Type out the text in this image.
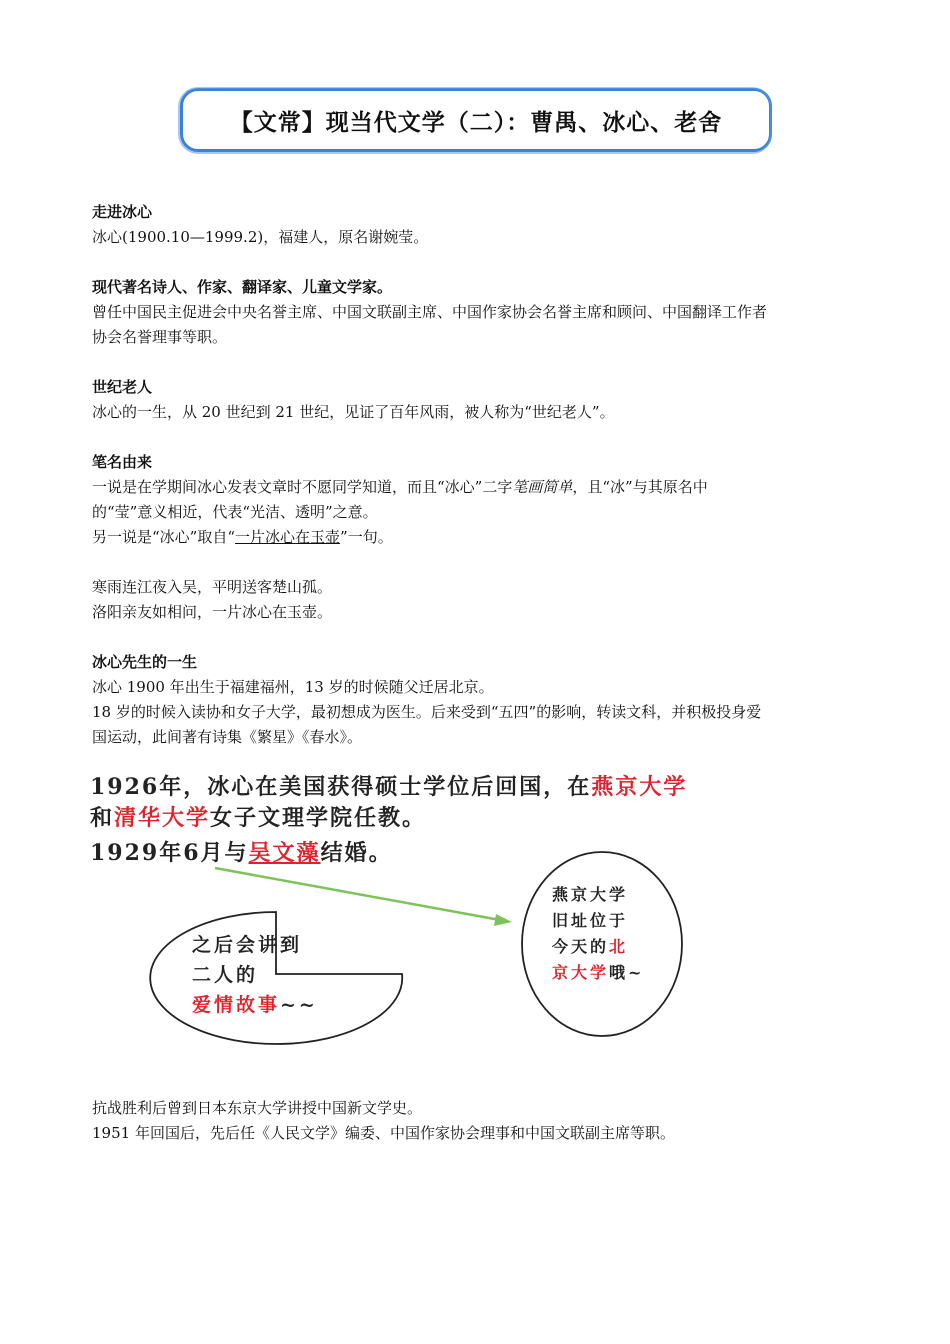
【文常】现当代文学（二）：曹禺、冰心、老舍

走进冰心

冰心(1900.10—1999.2)，福建人，原名谢婉莹。

现代著名诗人、作家、翻译家、儿童文学家。

曾任中国民主促进会中央名誉主席、中国文联副主席、中国作家协会名誉主席和顾问、中国翻译工作者

协会名誉理事等职。

世纪老人

冰心的一生，从 20 世纪到 21 世纪，见证了百年风雨，被人称为“世纪老人”。

笔名由来

一说是在学期间冰心发表文章时不愿同学知道，而且“冰心”二字笔画简单，且“冰”与其原名中

的“莹”意义相近，代表“光洁、透明”之意。

另一说是“冰心”取自“一片冰心在玉壶”一句。

寒雨连江夜入吴，平明送客楚山孤。

洛阳亲友如相问，一片冰心在玉壶。

冰心先生的一生

冰心 1900 年出生于福建福州，13 岁的时候随父迁居北京。

18 岁的时候入读协和女子大学，最初想成为医生。后来受到“五四”的影响，转读文科，并积极投身爱

国运动，此间著有诗集《繁星》《春水》。

1926年，冰心在美国获得硕士学位后回国，在燕京大学
和清华大学女子文理学院任教。
1929年6月与吴文藻结婚。
之后会讲到
二人的
爱情故事~~
燕京大学
旧址位于
今天的北
京大学哦~

抗战胜利后曾到日本东京大学讲授中国新文学史。

1951 年回国后，先后任《人民文学》编委、中国作家协会理事和中国文联副主席等职。
